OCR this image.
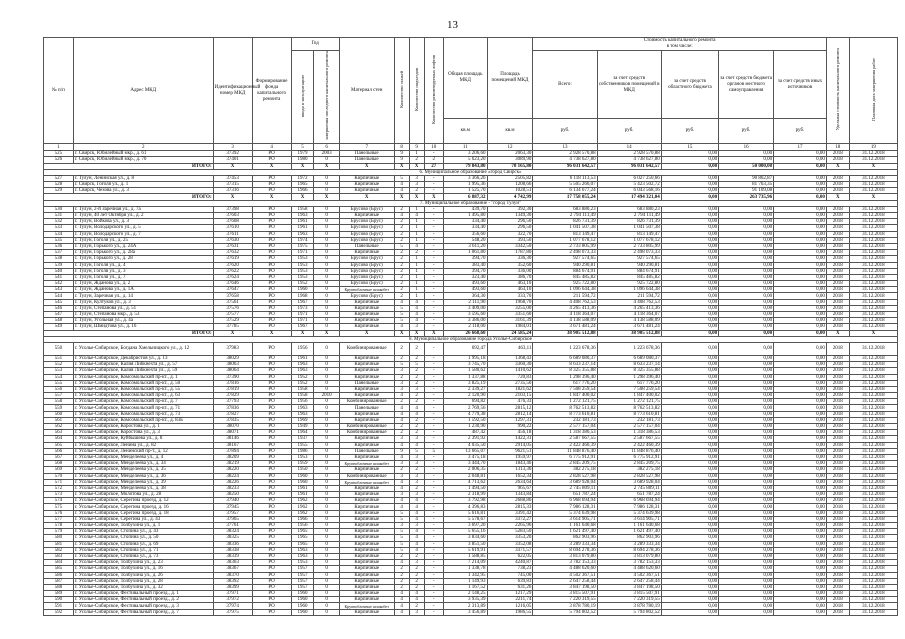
13
№ п/п	Адрес МКД	Идентификационный номер МКД	Формирование фонда капитального ремонта	Год		Материал стен	Количество этажей	Количество подъездов	Количество ремонтируемых лифтов	Общая площадь МКД	Площадь помещений МКД	Стоимость капитального ремонта
в том числе:					Удельная стоимость капитального ремонта	Плановая дата завершения работ
				ввода в эксплуатацию	завершения последнего капитального ремонта							Всего:	за счет средств собственников помещений в МКД	за счет средств областного бюджета	за счет средств бюджета органов местного самоуправления	за счет средств иных источников		
										кв.м	кв.м	руб.	руб.	руб.	руб.	руб.		
1	2	3	4	5	6	7	8	9	10	11	12	13	14	15	16	17	18	19
525	г. Свирск, Юбилейный мкр., д. 61	37392	РО	1979	2003	Панельные	9	1	-	3 206,60	2063,30	2 928 570,88	2 928 570,88	0,00	0,00	0,00	2018	31.12.2018
526	г. Свирск, Юбилейный мкр., д. 70	37401	РО	1980	0	Панельные	9	2	2	5 623,20	3089,90	4 738 627,80	4 738 627,80	0,00	0,00	0,00	2018	31.12.2018
ИТОГО:		X	X	X	X	X	X	X	27	79 843,80	78 165,80	96 031 642,57	96 031 642,57	0,00	50 000,00	0,00	X	X
6. Муниципальное образование «город Свирск»																		
527	г. Тулун, Ленинская ул., д. 8	37453	РО	1972	0	Кирпичные	5	3	-	3 366,26	2505,82	6 118 113,53	6 027 250,66	0,00	90 862,87	0,00	2018	31.12.2018
528	г. Свирск, Гоголя ул., д. 1	37315	РО	1965	0	Кирпичные	4	3	-	1 995,36	1208,66	5 505 266,07	5 423 502,72	0,00	81 763,35	0,00	2018	31.12.2018
529	г. Свирск, Чехова ул., д. 3	37316	РО	1966	0	Кирпичные	4	2	-	1 525,70	1028,51	6 134 677,24	6 043 568,16	0,00	91 109,08	0,00	2018	31.12.2018
ИТОГО:		X	X	X	X	X	X	X	X	6 887,32	4 742,99	17 758 055,24	17 494 321,04	0,00	263 735,96	0,00	X	X
7. Муниципальное образование - "город Тулун"																		
530	г. Тулун, 2-й Заречная ул., д. 7а	37398	РО	1958	0	Брусово (Брус)	2	1	-	439,70	392,30	683 880,23	683 880,23	0,00	0,00	0,00	2018	31.12.2018
531	г. Тулун, 40 лет Октября ул., д. 2	37603	РО	1963	0	Кирпичные	4	4	-	1 495,80	1349,30	2 794 111,49	2 794 111,49	0,00	0,00	0,00	2018	31.12.2018
532	г. Тулун, Войкова ул., д. 3	37608	РО	1961	0	Брусово (Брус)	2	1	-	334,40	296,50	826 731,39	826 731,39	0,00	0,00	0,00	2018	31.12.2018
533	г. Тулун, Володарского ул., д. 5	37610	РО	1961	0	Брусово (Брус)	2	1	-	334,40	296,50	1 041 507,38	1 041 507,38	0,00	0,00	0,00	2018	31.12.2018
534	г. Тулун, Володарского ул., д. 7	37611	РО	1963	0	Брусово (Брус)	2	1	-	356,60	322,70	813 149,47	813 149,47	0,00	0,00	0,00	2018	31.12.2018
535	г. Тулун, Гоголя ул., д. 25	37630	РО	1974	0	Брусово (Брус)	2	1	-	548,20	393,50	1 077 678,12	1 077 678,12	0,00	0,00	0,00	2018	31.12.2018
536	г. Тулун, Горького ул., д. 24А	37631	РО	1975	0	Панельные	5	4	-	3 611,20	3342,50	2 733 805,99	2 733 805,99	0,00	0,00	0,00	2018	31.12.2018
537	г. Тулун, Горького ул., д. 28а	37632	РО	1971	0	Кирпичные	2	2	-	1 061,80	1787,80	2 498 073,33	2 498 073,33	0,00	0,00	0,00	2018	31.12.2018
538	г. Тулун, Горького ул., д. 28	37619	РО	1953	0	Брусово (Брус)	2	1	-	394,70	336,30	927 574,65	927 574,65	0,00	0,00	0,00	2018	31.12.2018
539	г. Тулун, Гоголя ул., д. 4	37620	РО	1953	0	Брусово (Брус)	2	1	-	383,40	352,60	940 290,81	940 290,81	0,00	0,00	0,00	2018	31.12.2018
540	г. Тулун, Гоголя ул., д. 3	37622	РО	1953	0	Брусово (Брус)	2	1	-	394,70	336,00	884 674,91	884 674,91	0,00	0,00	0,00	2018	31.12.2018
541	г. Тулун, Гоголя ул., д. 7	37624	РО	1953	0	Брусово (Брус)	2	1	-	323,40	386,70	845 485,82	845 485,82	0,00	0,00	0,00	2018	31.12.2018
542	г. Тулун, Жданова ул., д. 2	37646	РО	1952	0	Брусово (Брус)	2	1	-	493,60	463,10	925 722,80	925 722,80	0,00	0,00	0,00	2018	31.12.2018
543	г. Тулун, Жданова ул., д. 1А	37647	РО	1960	0	Крупноблочные шлакобет	2	1	-	493,60	463,10	1 096 644,38	1 096 644,38	0,00	0,00	0,00	2018	31.12.2018
544	г. Тулун, Заречная ул., д. 14	37658	РО	1968	0	Брусово (Брус)	2	1	-	364,30	333,70	211 594,72	211 594,72	0,00	0,00	0,00	2018	31.12.2018
545	г. Тулун, Култуков ул., д. 3	37561	РО	1967	0	Кирпичные	4	4	-	2 111,90	1968,70	4 408 762,53	4 408 762,53	0,00	0,00	0,00	2018	31.12.2018
546	г. Тулун, Степанова ул., д. 51	37576	РО	1973	0	Кирпичные	5	4	-	3 409,00	3255,00	4 265 413,36	4 265 413,36	0,00	0,00	0,00	2018	31.12.2018
547	г. Тулун, Степанова мкр., д. 53	37577	РО	1971	0	Кирпичные	5	4	-	3 595,60	3351,60	4 118 364,07	4 118 364,07	0,00	0,00	0,00	2018	31.12.2018
548	г. Тулун, Угольная ул., д. 4а	37529	РО	1971	0	Кирпичные	5	4	-	3 386,00	3161,39	4 138 588,09	4 138 588,09	0,00	0,00	0,00	2018	31.12.2018
549	г. Тулун, Шмидтова ул., д. 16	37785	РО	1967	0	Кирпичные	4	3	-	2 118,00	1984,01	3 671 481,24	3 671 481,24	0,00	0,00	0,00	2018	31.12.2018
ИТОГО:		X	X	X	X	X	X	X	X	26 668,60	24 585,24	38 905 512,88	38 905 512,88	0,00	0,00	0,00	X	X
8. Муниципальное образование города Усолье-Сибирское																		
550	г. Усолье-Сибирское, Богдана Хмельницкого ул., д. 12	37983	РО	1956	0	Комбинированные	2	2	-	692,47	463,11	1 223 678,36	1 223 678,36	0,00	0,00	0,00	2018	31.12.2018
551	г. Усолье-Сибирское, Декабристов ул., д. 13	38029	РО	1961	0	Кирпичные	2	2	-	1 995,18	1368,43	6 689 080,37	6 689 080,37	0,00	0,00	0,00	2018	31.12.2018
552	г. Усолье-Сибирское, Калия Либкнехта ул., д. 57	38063	РО	1963	0	Кирпичные	5	5	-	3 745,70	3360,30	8 633 237,14	8 633 237,14	0,00	0,00	0,00	2018	31.12.2018
553	г. Усолье-Сибирское, Калия Либкнехта ул., д. 59	38064	РО	1963	0	Кирпичные	3	2	-	1 580,62	1410,62	8 325 355,88	8 325 355,88	0,00	0,00	0,00	2018	31.12.2018
554	г. Усолье-Сибирское, Комсомольский пр-кт., д. 1	37390	РО	1952	0	Кирпичные	2	2	-	1 337,88	720,83	1 298 396,40	1 298 396,40	0,00	0,00	0,00	2018	31.12.2018
555	г. Усолье-Сибирское, Комсомольский пр-кт., д. 50	37816	РО	1952	0	Панельные	3	2	-	3 825,19	2735,50	617 776,20	617 776,20	0,00	0,00	0,00	2018	31.12.2018
556	г. Усолье-Сибирское, Комсомольский пр-кт., д. 55	37819	РО	1958	0	Кирпичные	3	3	-	2 339,27	1821,62	7 508 259,54	7 508 259,54	0,00	0,00	0,00	2018	31.12.2018
557	г. Усолье-Сибирское, Комсомольский пр-кт., д. 63	37829	РО	1958	2010	Кирпичные	4	2	-	2 120,90	2103,15	1 847 400,02	1 847 400,02	0,00	0,00	0,00	2018	31.12.2018
558	г. Усолье-Сибирское, Комсомольский пр-кт., д. 7	37793	РО	1956	0	Комбинированные	2	2	-	694,82	476,33	1 272 121,75	1 272 121,75	0,00	0,00	0,00	2018	31.12.2018
559	г. Усолье-Сибирское, Комсомольский пр-кт., д. 71	37836	РО	1963	0	Панельные	4	4	-	2 769,56	2815,12	8 762 513,82	8 762 513,82	0,00	0,00	0,00	2018	31.12.2018
560	г. Усолье-Сибирское, Комсомольский пр-кт., д. 73	37827	РО	1963	0	Кирпичные	4	4	-	4 779,38	2812,14	8 773 610,81	8 773 610,81	0,00	0,00	0,00	2018	31.12.2018
561	г. Усолье-Сибирское, Комсомольский пр-кт., д. 83Б	37835	РО	1969	0	Кирпичные	4	2	-	1 592,50	1297,31	232 181,73	232 181,73	0,00	0,00	0,00	2018	31.12.2018
562	г. Усолье-Сибирское, Коростова ул., д. 1	38070	РО	1949	0	Комбинированные	2	2	-	1 230,90	990,22	2 577 157,04	2 577 157,04	0,00	0,00	0,00	2018	31.12.2018
563	г. Усолье-Сибирское, Коростова ул., д. 3	38071	РО	1964	0	Комбинированные	2	2	-	487,42	456,18	1 318 386,53	1 318 386,53	0,00	0,00	0,00	2018	31.12.2018
564	г. Усолье-Сибирское, Куйбышева ул., д. 8	38146	РО	1937	0	Кирпичные	3	3	-	2 391,92	1422,31	2 587 667,55	2 587 667,55	0,00	0,00	0,00	2018	31.12.2018
565	г. Усолье-Сибирское, Ленина ул., д. 82	38167	РО	1955	0	Кирпичные	4	4	-	4 035,50	2914,05	2 422 460,39	2 422 460,39	0,00	0,00	0,00	2018	31.12.2018
566	г. Усолье-Сибирское, Ленинский пр-т., д. 12	37894	РО	1986	0	Панельные	9	5	5	13 665,07	9621,51	11 848 876,40	11 848 876,40	0,00	0,00	0,00	2018	31.12.2018
567	г. Усолье-Сибирское, Менделеева ул., д. 4	38209	РО	1953	0	Кирпичные	4	3	-	3 475,18	1959,97	6 775 912,91	6 775 912,91	0,00	0,00	0,00	2018	31.12.2018
568	г. Усолье-Сибирское, Менделеева ул., д. 34	38219	РО	1959	0	Крупноблочные шлакобет	3	3	-	3 444,70	1843,46	2 845 209,75	2 845 209,75	0,00	0,00	0,00	2018	31.12.2018
569	г. Усолье-Сибирское, Менделеева ул., д. 35	38220	РО	1950	0	Кирпичные	2	2	-	2 006,35	1313,30	382 275,18	382 275,18	0,00	0,00	0,00	2018	31.12.2018
570	г. Усолье-Сибирское, Менделеева ул., д. 36	38224	РО	1960	0	Комбинированные	3	3	-	2 048,81	1652,34	2 828 527,98	2 828 527,98	0,00	0,00	0,00	2018	31.12.2018
571	г. Усолье-Сибирское, Менделеева ул., д. 39	38226	РО	1960	0	Крупноблочные шлакобет	4	3	-	4 713,62	2634,64	3 689 928,04	3 689 928,04	0,00	0,00	0,00	2018	31.12.2018
572	г. Усолье-Сибирское, Менделеева ул., д. 38	38233	РО	1961	0	Кирпичные	4	2	-	1 494,50	965,67	2 745 809,11	2 745 809,11	0,00	0,00	0,00	2018	31.12.2018
573	г. Усолье-Сибирское, Молотова ул., д. 28	38250	РО	1961	0	Кирпичные	3	3	-	2 318,99	1343,84	651 787,24	651 787,24	0,00	0,00	0,00	2018	31.12.2018
574	г. Усолье-Сибирское, Серегина проезд, д. 12	37940	РО	1962	0	Кирпичные	4	4	-	3 792,98	2688,86	6 968 694,94	6 968 694,94	0,00	0,00	0,00	2018	31.12.2018
575	г. Усолье-Сибирское, Серегина проезд, д. 16	37945	РО	1962	0	Кирпичные	4	4	-	4 396,83	2815,33	7 986 128,31	7 986 128,31	0,00	0,00	0,00	2018	31.12.2018
576	г. Усолье-Сибирское, Серегина проезд, д. 18	37957	РО	1962	0	Кирпичные	5	4	-	5 616,81	3391,42	5 374 639,98	5 374 639,98	0,00	0,00	0,00	2018	31.12.2018
577	г. Усолье-Сибирское, Серегина ул., д. 43	37965	РО	1966	0	Кирпичные	5	4	-	5 578,67	3372,27	3 614 905,71	3 614 905,71	0,00	0,00	0,00	2018	31.12.2018
578	г. Усолье-Сибирское, Толбухина ул., д. 1	37761	РО	1956	0	Кирпичные	3	3	-	3 697,20	2265,96	1 161 640,68	1 161 640,68	0,00	0,00	0,00	2018	31.12.2018
579	г. Усолье-Сибирское, Стопина ул., д. 43	38324	РО	1965	0	Кирпичные	5	4	-	5 655,16	5283,50	1 621 497,40	1 621 497,40	0,00	0,00	0,00	2018	31.12.2018
580	г. Усолье-Сибирское, Стопина ул., д. 50	38325	РО	1965	0	Кирпичные	5	4	-	3 834,60	3353,20	862 903,96	862 903,96	0,00	0,00	0,00	2018	31.12.2018
581	г. Усолье-Сибирское, Стопина ул., д. 69	38336	РО	1965	0	Кирпичные	5	4	-	3 851,50	3352,08	3 289 333,34	3 289 333,34	0,00	0,00	0,00	2018	31.12.2018
582	г. Усолье-Сибирское, Стопина ул., д. 71	38338	РО	1963	0	Кирпичные	5	4	-	5 619,91	3371,57	8 694 278,36	8 694 278,36	0,00	0,00	0,00	2018	31.12.2018
583	г. Усолье-Сибирское, Стопина ул., д. 73	38339	РО	1963	0	Кирпичные	2	2	-	1 588,85	622,05	3 813 079,80	3 813 079,80	0,00	0,00	0,00	2018	31.12.2018
584	г. Усолье-Сибирское, Толбухина ул., д. 23	38363	РО	1953	0	Кирпичные	4	3	-	7 214,09	4240,87	3 782 153,33	3 782 153,33	0,00	0,00	0,00	2018	31.12.2018
585	г. Усолье-Сибирское, Толбухина ул., д. 16	38367	РО	1957	0	Кирпичные	2	2	-	1 338,78	738,23	4 488 620,60	4 488 620,60	0,00	0,00	0,00	2018	31.12.2018
586	г. Усолье-Сибирское, Толбухина ул., д. 26	38370	РО	1957	0	Кирпичные	2	2	-	1 342,95	745,00	4 502 367,51	4 502 367,51	0,00	0,00	0,00	2018	31.12.2018
587	г. Усолье-Сибирское, Толбухина ул., д. 28	38392	РО	1957	0	Кирпичные	2	2	-	1 149,93	639,83	2 647 258,44	2 647 258,44	0,00	0,00	0,00	2018	31.12.2018
588	г. Усолье-Сибирское, Толбухина ул., д. 32	38399	РО	1957	0	Кирпичные	2	2	-	1 167,52	631,26	3 847 198,50	3 847 198,50	0,00	0,00	0,00	2018	31.12.2018
589	г. Усолье-Сибирское, Фестивальный проезд., д. 1	37971	РО	1960	0	Кирпичные	4	4	-	2 148,25	1217,29	3 815 507,91	3 815 507,91	0,00	0,00	0,00	2018	31.12.2018
590	г. Усолье-Сибирское, Фестивальный проезд., д. 2	37972	РО	1960	0	Кирпичные	4	4	-	3 935,39	2211,74	7 220 319,55	7 220 319,55	0,00	0,00	0,00	2018	31.12.2018
591	г. Усолье-Сибирское, Фестивальный проезд., д. 3	37974	РО	1960	0	Крупноблочные шлакобет	4	2	-	2 313,89	1216,05	3 878 780,19	3 878 780,19	0,00	0,00	0,00	2018	31.12.2018
592	г. Усолье-Сибирское, Фестивальный проезд., д. 7	37975	РО	1960	0	Кирпичные	4	3	-	3 456,89	1986,55	5 794 802,52	5 794 802,52	0,00	0,00	0,00	2018	31.12.2018
